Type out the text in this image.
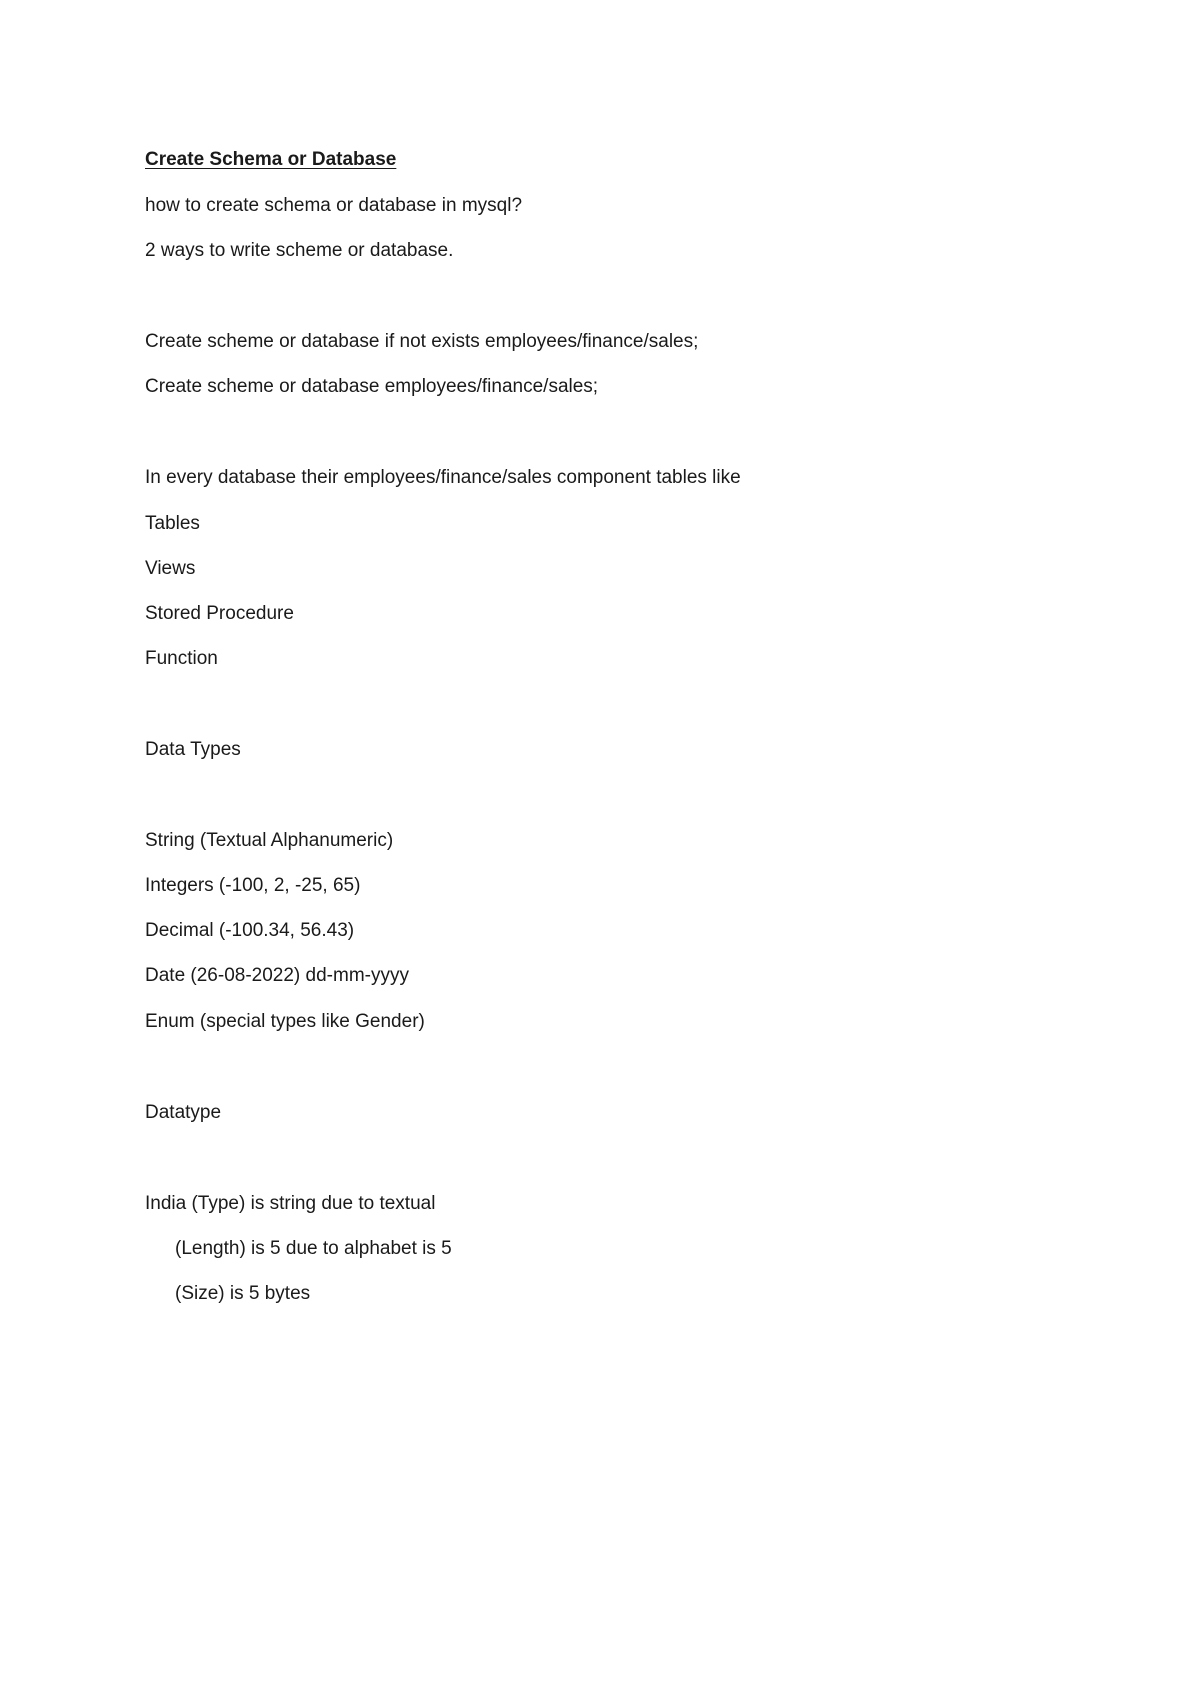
Create Schema or Database
how to create schema or database in mysql?
2 ways to write scheme or database.
Create scheme or database if not exists employees/finance/sales;
Create scheme or database employees/finance/sales;
In every database their employees/finance/sales component tables like
Tables
Views
Stored Procedure
Function
Data Types
String (Textual Alphanumeric)
Integers (-100, 2, -25, 65)
Decimal (-100.34, 56.43)
Date (26-08-2022) dd-mm-yyyy
Enum (special types like Gender)
Datatype
India (Type) is string due to textual
(Length) is 5 due to alphabet is 5
(Size) is 5 bytes
